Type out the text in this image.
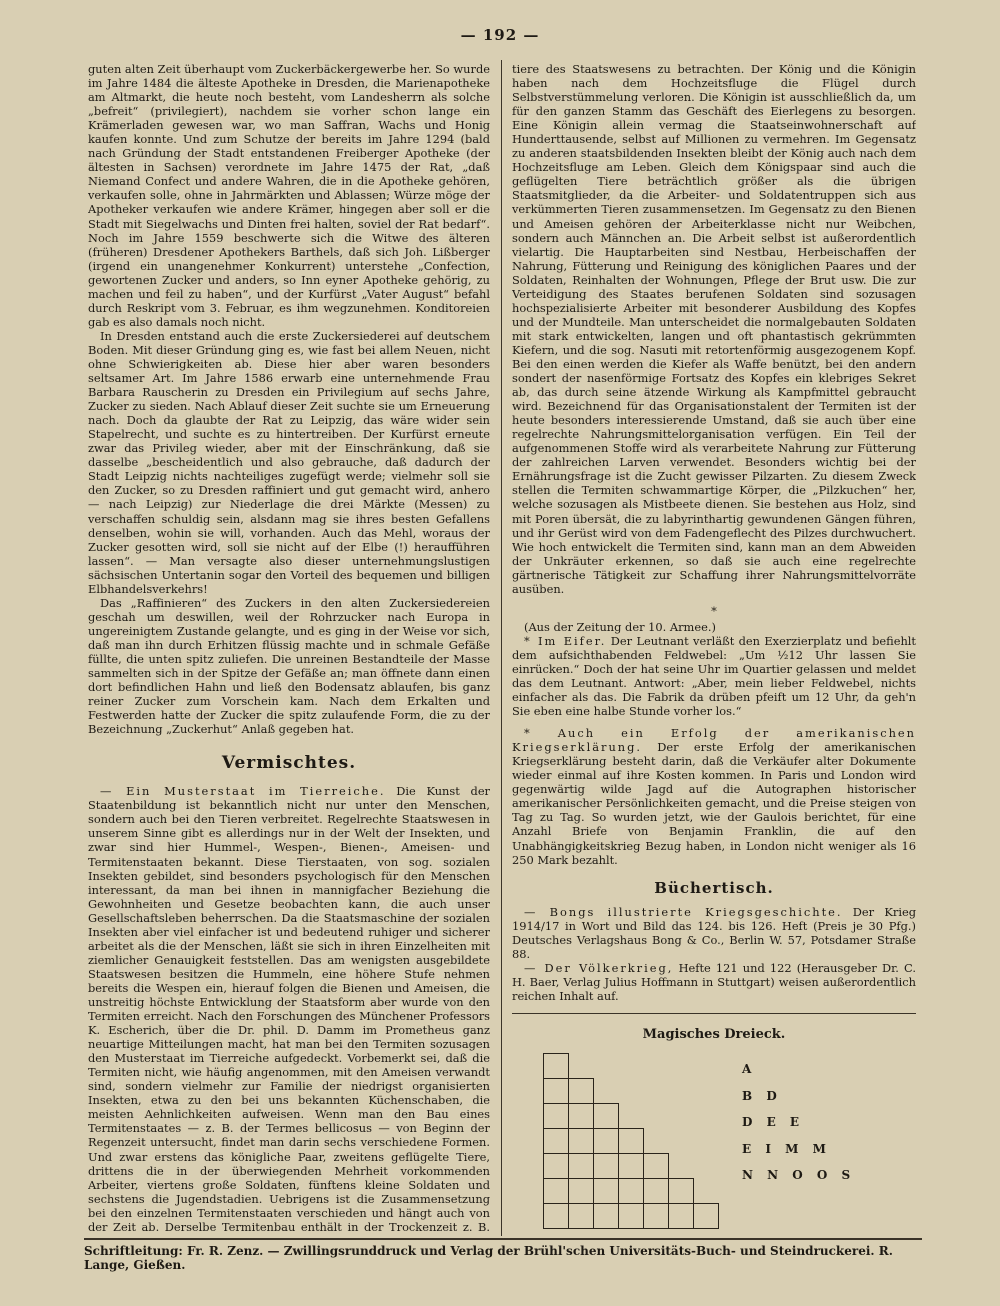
— 192 —

guten alten Zeit überhaupt vom Zuckerbäckergewerbe her. So wurde im Jahre 1484 die älteste Apotheke in Dresden, die Marienapotheke am Altmarkt, die heute noch besteht, vom Landesherrn als solche „befreit“ (privilegiert), nachdem sie vorher schon lange ein Krämerladen gewesen war, wo man Saffran, Wachs und Honig kaufen konnte. Und zum Schutze der bereits im Jahre 1294 (bald nach Gründung der Stadt entstandenen Freiberger Apotheke (der ältesten in Sachsen) verordnete im Jahre 1475 der Rat, „daß Niemand Confect und andere Wahren, die in die Apotheke gehören, verkaufen solle, ohne in Jahrmärkten und Ablassen; Würze möge der Apotheker verkaufen wie andere Krämer, hingegen aber soll er die Stadt mit Siegelwachs und Dinten frei halten, soviel der Rat bedarf“. Noch im Jahre 1559 beschwerte sich die Witwe des älteren (früheren) Dresdener Apothekers Barthels, daß sich Joh. Lißberger (irgend ein unangenehmer Konkurrent) unterstehe „Confection, gewortenen Zucker und anders, so Inn eyner Apotheke gehörig, zu machen und feil zu haben“, und der Kurfürst „Vater August“ befahl durch Reskript vom 3. Februar, es ihm wegzunehmen. Konditoreien gab es also damals noch nicht.

In Dresden entstand auch die erste Zuckersiederei auf deutschem Boden. Mit dieser Gründung ging es, wie fast bei allem Neuen, nicht ohne Schwierigkeiten ab. Diese hier aber waren besonders seltsamer Art. Im Jahre 1586 erwarb eine unternehmende Frau Barbara Rauscherin zu Dresden ein Privilegium auf sechs Jahre, Zucker zu sieden. Nach Ablauf dieser Zeit suchte sie um Erneuerung nach. Doch da glaubte der Rat zu Leipzig, das wäre wider sein Stapelrecht, und suchte es zu hintertreiben. Der Kurfürst erneute zwar das Privileg wieder, aber mit der Einschränkung, daß sie dasselbe „bescheidentlich und also gebrauche, daß dadurch der Stadt Leipzig nichts nachteiliges zugefügt werde; vielmehr soll sie den Zucker, so zu Dresden raffiniert und gut gemacht wird, anhero — nach Leipzig) zur Niederlage die drei Märkte (Messen) zu verschaffen schuldig sein, alsdann mag sie ihres besten Gefallens denselben, wohin sie will, vorhanden. Auch das Mehl, woraus der Zucker gesotten wird, soll sie nicht auf der Elbe (!) heraufführen lassen“. — Man versagte also dieser unternehmungslustigen sächsischen Untertanin sogar den Vorteil des bequemen und billigen Elbhandelsverkehrs!

Das „Raffinieren“ des Zuckers in den alten Zuckersiedereien geschah um deswillen, weil der Rohrzucker nach Europa in ungereinigtem Zustande gelangte, und es ging in der Weise vor sich, daß man ihn durch Erhitzen flüssig machte und in schmale Gefäße füllte, die unten spitz zuliefen. Die unreinen Bestandteile der Masse sammelten sich in der Spitze der Gefäße an; man öffnete dann einen dort befindlichen Hahn und ließ den Bodensatz ablaufen, bis ganz reiner Zucker zum Vorschein kam. Nach dem Erkalten und Festwerden hatte der Zucker die spitz zulaufende Form, die zu der Bezeichnung „Zuckerhut“ Anlaß gegeben hat.

Vermischtes.

— Ein Musterstaat im Tierreiche. Die Kunst der Staatenbildung ist bekanntlich nicht nur unter den Menschen, sondern auch bei den Tieren verbreitet. Regelrechte Staatswesen in unserem Sinne gibt es allerdings nur in der Welt der Insekten, und zwar sind hier Hummel-, Wespen-, Bienen-, Ameisen- und Termitenstaaten bekannt. Diese Tierstaaten, von sog. sozialen Insekten gebildet, sind besonders psychologisch für den Menschen interessant, da man bei ihnen in mannigfacher Beziehung die Gewohnheiten und Gesetze beobachten kann, die auch unser Gesellschaftsleben beherrschen. Da die Staatsmaschine der sozialen Insekten aber viel einfacher ist und bedeutend ruhiger und sicherer arbeitet als die der Menschen, läßt sie sich in ihren Einzelheiten mit ziemlicher Genauigkeit feststellen. Das am wenigsten ausgebildete Staatswesen besitzen die Hummeln, eine höhere Stufe nehmen bereits die Wespen ein, hierauf folgen die Bienen und Ameisen, die unstreitig höchste Entwicklung der Staatsform aber wurde von den Termiten erreicht. Nach den Forschungen des Münchener Professors K. Escherich, über die Dr. phil. D. Damm im Prometheus ganz neuartige Mitteilungen macht, hat man bei den Termiten sozusagen den Musterstaat im Tierreiche aufgedeckt. Vorbemerkt sei, daß die Termiten nicht, wie häufig angenommen, mit den Ameisen verwandt sind, sondern vielmehr zur Familie der niedrigst organisierten Insekten, etwa zu den bei uns bekannten Küchenschaben, die meisten Aehnlichkeiten aufweisen. Wenn man den Bau eines Termitenstaates — z. B. der Termes bellicosus — von Beginn der Regenzeit untersucht, findet man darin sechs verschiedene Formen. Und zwar erstens das königliche Paar, zweitens geflügelte Tiere, drittens die in der überwiegenden Mehrheit vorkommenden Arbeiter, viertens große Soldaten, fünftens kleine Soldaten und sechstens die Jugendstadien. Uebrigens ist die Zusammensetzung bei den einzelnen Termitenstaaten verschieden und hängt auch von der Zeit ab. Derselbe Termitenbau enthält in der Trockenzeit z. B.

tiere des Staatswesens zu betrachten. Der König und die Königin haben nach dem Hochzeitsfluge die Flügel durch Selbstverstümmelung verloren. Die Königin ist ausschließlich da, um für den ganzen Stamm das Geschäft des Eierlegens zu besorgen. Eine Königin allein vermag die Staatseinwohnerschaft auf Hunderttausende, selbst auf Millionen zu vermehren. Im Gegensatz zu anderen staatsbildenden Insekten bleibt der König auch nach dem Hochzeitsfluge am Leben. Gleich dem Königspaar sind auch die geflügelten Tiere beträchtlich größer als die übrigen Staatsmitglieder, da die Arbeiter- und Soldatentruppen sich aus verkümmerten Tieren zusammensetzen. Im Gegensatz zu den Bienen und Ameisen gehören der Arbeiterklasse nicht nur Weibchen, sondern auch Männchen an. Die Arbeit selbst ist außerordentlich vielartig. Die Hauptarbeiten sind Nestbau, Herbeischaffen der Nahrung, Fütterung und Reinigung des königlichen Paares und der Soldaten, Reinhalten der Wohnungen, Pflege der Brut usw. Die zur Verteidigung des Staates berufenen Soldaten sind sozusagen hochspezialisierte Arbeiter mit besonderer Ausbildung des Kopfes und der Mundteile. Man unterscheidet die normalgebauten Soldaten mit stark entwickelten, langen und oft phantastisch gekrümmten Kiefern, und die sog. Nasuti mit retortenförmig ausgezogenem Kopf. Bei den einen werden die Kiefer als Waffe benützt, bei den andern sondert der nasenförmige Fortsatz des Kopfes ein klebriges Sekret ab, das durch seine ätzende Wirkung als Kampfmittel gebraucht wird. Bezeichnend für das Organisationstalent der Termiten ist der heute besonders interessierende Umstand, daß sie auch über eine regelrechte Nahrungsmittelorganisation verfügen. Ein Teil der aufgenommenen Stoffe wird als verarbeitete Nahrung zur Fütterung der zahlreichen Larven verwendet. Besonders wichtig bei der Ernährungsfrage ist die Zucht gewisser Pilzarten. Zu diesem Zweck stellen die Termiten schwammartige Körper, die „Pilzkuchen“ her, welche sozusagen als Mistbeete dienen. Sie bestehen aus Holz, sind mit Poren übersät, die zu labyrinthartig gewundenen Gängen führen, und ihr Gerüst wird von dem Fadengeflecht des Pilzes durchwuchert. Wie hoch entwickelt die Termiten sind, kann man an dem Abweiden der Unkräuter erkennen, so daß sie auch eine regelrechte gärtnerische Tätigkeit zur Schaffung ihrer Nahrungsmittelvorräte ausüben.

*

(Aus der Zeitung der 10. Armee.)

* Im Eifer. Der Leutnant verläßt den Exerzierplatz und befiehlt dem aufsichthabenden Feldwebel: „Um ½12 Uhr lassen Sie einrücken.“ Doch der hat seine Uhr im Quartier gelassen und meldet das dem Leutnant. Antwort: „Aber, mein lieber Feldwebel, nichts einfacher als das. Die Fabrik da drüben pfeift um 12 Uhr, da geh'n Sie eben eine halbe Stunde vorher los.“

* Auch ein Erfolg der amerikanischen Kriegserklärung. Der erste Erfolg der amerikanischen Kriegserklärung besteht darin, daß die Verkäufer alter Dokumente wieder einmal auf ihre Kosten kommen. In Paris und London wird gegenwärtig wilde Jagd auf die Autographen historischer amerikanischer Persönlichkeiten gemacht, und die Preise steigen von Tag zu Tag. So wurden jetzt, wie der Gaulois berichtet, für eine Anzahl Briefe von Benjamin Franklin, die auf den Unabhängigkeitskrieg Bezug haben, in London nicht weniger als 16 250 Mark bezahlt.

Büchertisch.

— Bongs illustrierte Kriegsgeschichte. Der Krieg 1914/17 in Wort und Bild das 124. bis 126. Heft (Preis je 30 Pfg.) Deutsches Verlagshaus Bong & Co., Berlin W. 57, Potsdamer Straße 88.

— Der Völkerkrieg, Hefte 121 und 122 (Herausgeber Dr. C. H. Baer, Verlag Julius Hoffmann in Stuttgart) weisen außerordentlich reichen Inhalt auf.

Magisches Dreieck.
A
B D
D E E
E I M M
N N O O S

Schriftleitung: Fr. R. Zenz. — Zwillingsrunddruck und Verlag der Brühl'schen Universitäts-Buch- und Steindruckerei. R. Lange, Gießen.
